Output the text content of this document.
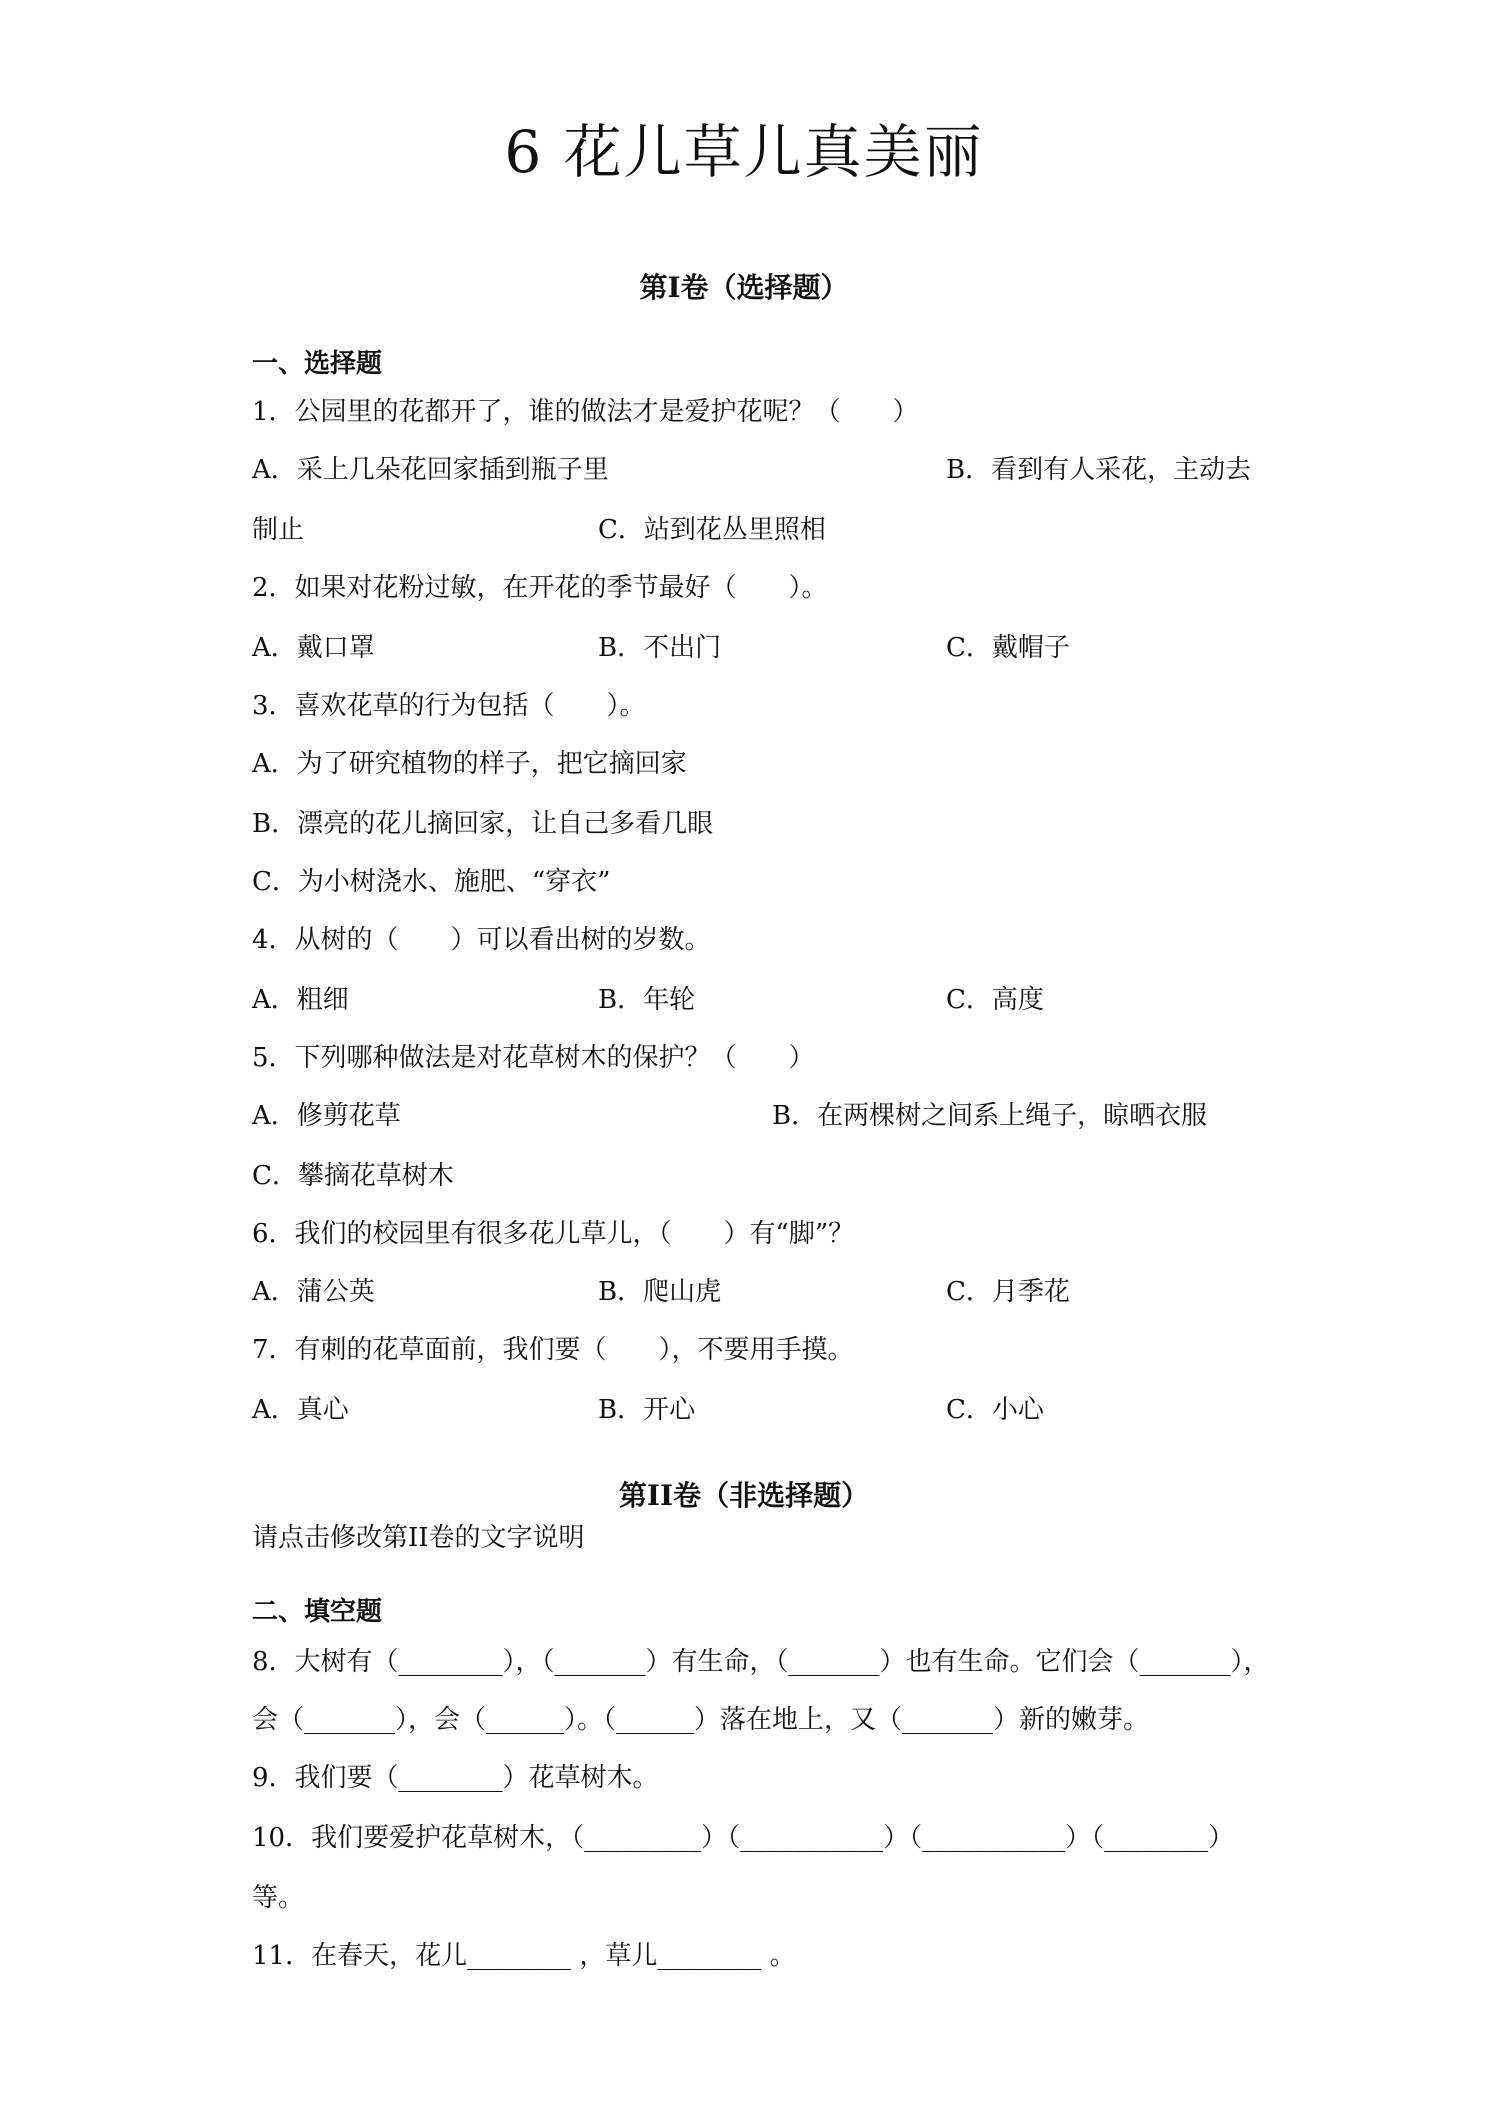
6 花儿草儿真美丽
第I卷（选择题）
一、选择题
1．公园里的花都开了，谁的做法才是爱护花呢？（　　）
A．采上几朵花回家插到瓶子里	B．看到有人采花，主动去
制止	C．站到花丛里照相
2．如果对花粉过敏，在开花的季节最好（　　）。
A．戴口罩	B．不出门	C．戴帽子
3．喜欢花草的行为包括（　　）。
A．为了研究植物的样子，把它摘回家
B．漂亮的花儿摘回家，让自己多看几眼
C．为小树浇水、施肥、“穿衣”
4．从树的（　　）可以看出树的岁数。
A．粗细	B．年轮	C．高度
5．下列哪种做法是对花草树木的保护？（　　）
A．修剪花草	B．在两棵树之间系上绳子，晾晒衣服
C．攀摘花草树木
6．我们的校园里有很多花儿草儿，（　　）有“脚”？
A．蒲公英	B．爬山虎	C．月季花
7．有刺的花草面前，我们要（　　），不要用手摸。
A．真心	B．开心	C．小心
第II卷（非选择题）
请点击修改第II卷的文字说明
二、填空题
8．大树有（________），（_______）有生命，（_______）也有生命。它们会（_______），
会（_______），会（______）。（______）落在地上，又（_______）新的嫩芽。
9．我们要（________）花草树木。
10．我们要爱护花草树木，（_________）（___________）（___________）（________）
等。
11．在春天，花儿________ ，草儿________ 。
